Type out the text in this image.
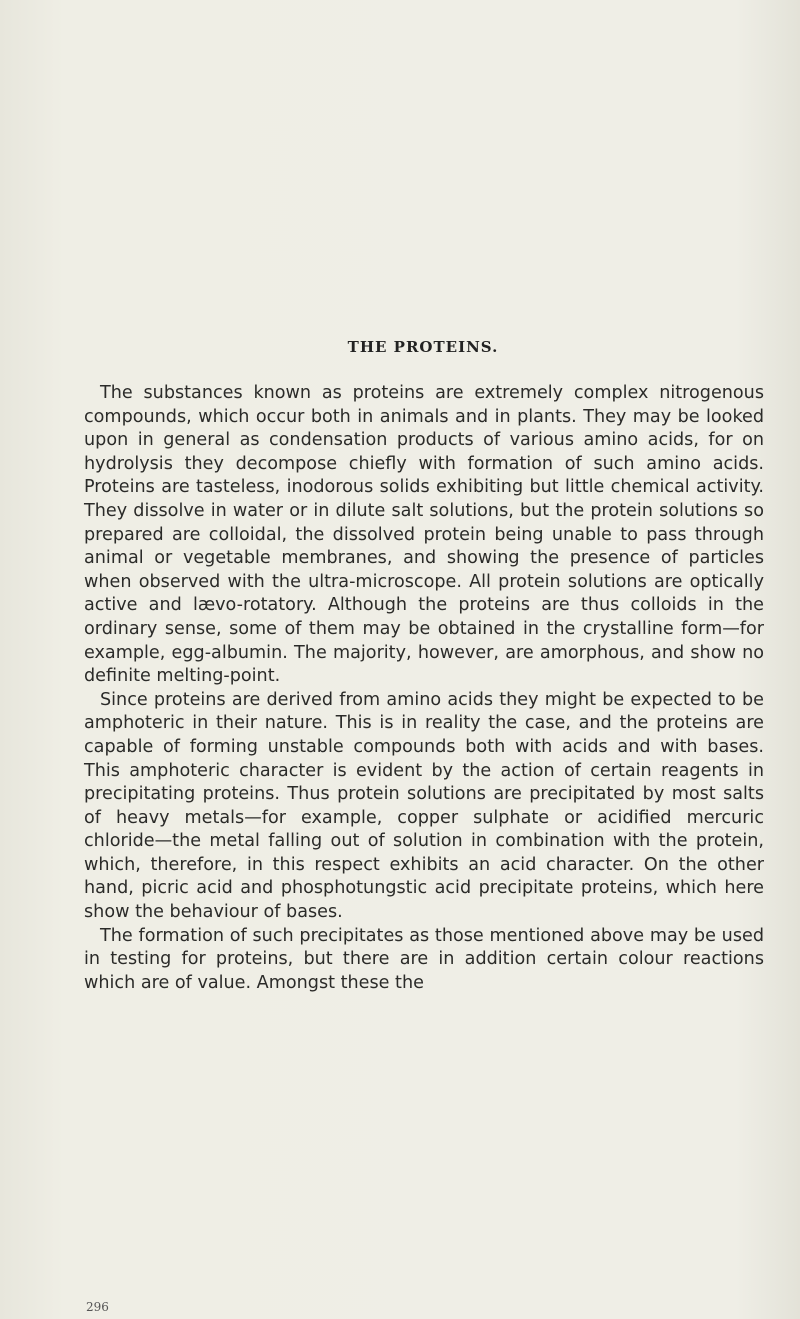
THE PROTEINS.

The substances known as proteins are extremely complex nitrogenous compounds, which occur both in animals and in plants. They may be looked upon in general as condensation products of various amino acids, for on hydrolysis they decompose chiefly with formation of such amino acids. Proteins are tasteless, inodorous solids exhibiting but little chemical activity. They dissolve in water or in dilute salt solutions, but the protein solutions so prepared are colloidal, the dissolved protein being unable to pass through animal or vegetable membranes, and showing the presence of particles when observed with the ultra-microscope. All protein solutions are optically active and lævo-rotatory. Although the proteins are thus colloids in the ordinary sense, some of them may be obtained in the crystalline form—for example, egg-albumin. The majority, however, are amorphous, and show no definite melting-point.

Since proteins are derived from amino acids they might be expected to be amphoteric in their nature. This is in reality the case, and the proteins are capable of forming unstable compounds both with acids and with bases. This amphoteric character is evident by the action of certain reagents in precipitating proteins. Thus protein solutions are precipitated by most salts of heavy metals—for example, copper sulphate or acidified mercuric chloride—the metal falling out of solution in combination with the protein, which, therefore, in this respect exhibits an acid character. On the other hand, picric acid and phosphotungstic acid precipitate proteins, which here show the behaviour of bases.

The formation of such precipitates as those mentioned above may be used in testing for proteins, but there are in addition certain colour reactions which are of value. Amongst these the

296
